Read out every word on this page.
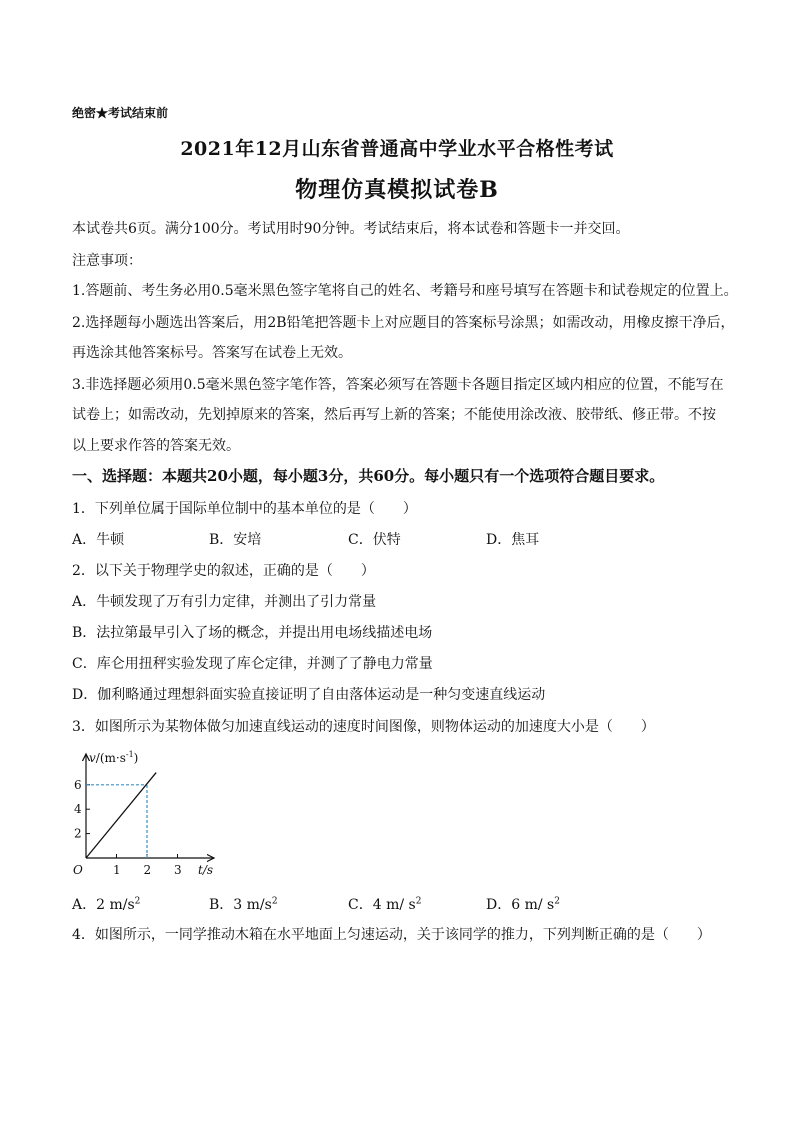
绝密★考试结束前
2021年12月山东省普通高中学业水平合格性考试
物理仿真模拟试卷B
本试卷共6页。满分100分。考试用时90分钟。考试结束后，将本试卷和答题卡一并交回。
注意事项：
1.答题前、考生务必用0.5毫米黑色签字笔将自己的姓名、考籍号和座号填写在答题卡和试卷规定的位置上。
2.选择题每小题选出答案后，用2B铅笔把答题卡上对应题目的答案标号涂黑；如需改动，用橡皮擦干净后，
再选涂其他答案标号。答案写在试卷上无效。
3.非选择题必须用0.5毫米黑色签字笔作答，答案必须写在答题卡各题目指定区域内相应的位置，不能写在
试卷上；如需改动，先划掉原来的答案，然后再写上新的答案；不能使用涂改液、胶带纸、修正带。不按
以上要求作答的答案无效。
一、选择题：本题共20小题，每小题3分，共60分。每小题只有一个选项符合题目要求。
1．下列单位属于国际单位制中的基本单位的是（　　）
A．牛顿	B．安培	C．伏特	D．焦耳
2．以下关于物理学史的叙述，正确的是（　　）
A．牛顿发现了万有引力定律，并测出了引力常量
B．法拉第最早引入了场的概念，并提出用电场线描述电场
C．库仑用扭秤实验发现了库仑定律，并测了了静电力常量
D．伽利略通过理想斜面实验直接证明了自由落体运动是一种匀变速直线运动
3．如图所示为某物体做匀加速直线运动的速度时间图像，则物体运动的加速度大小是（　　）
1 2 3
2
4
6
$v/(m\cdot s^{-1})$
t/s
O
A．2 $m/s^2$	B．3 $m/s^2$	C．4 m/ $s^2$	D．6 m/ $s^2$
4．如图所示，一同学推动木箱在水平地面上匀速运动，关于该同学的推力，下列判断正确的是（　　）
